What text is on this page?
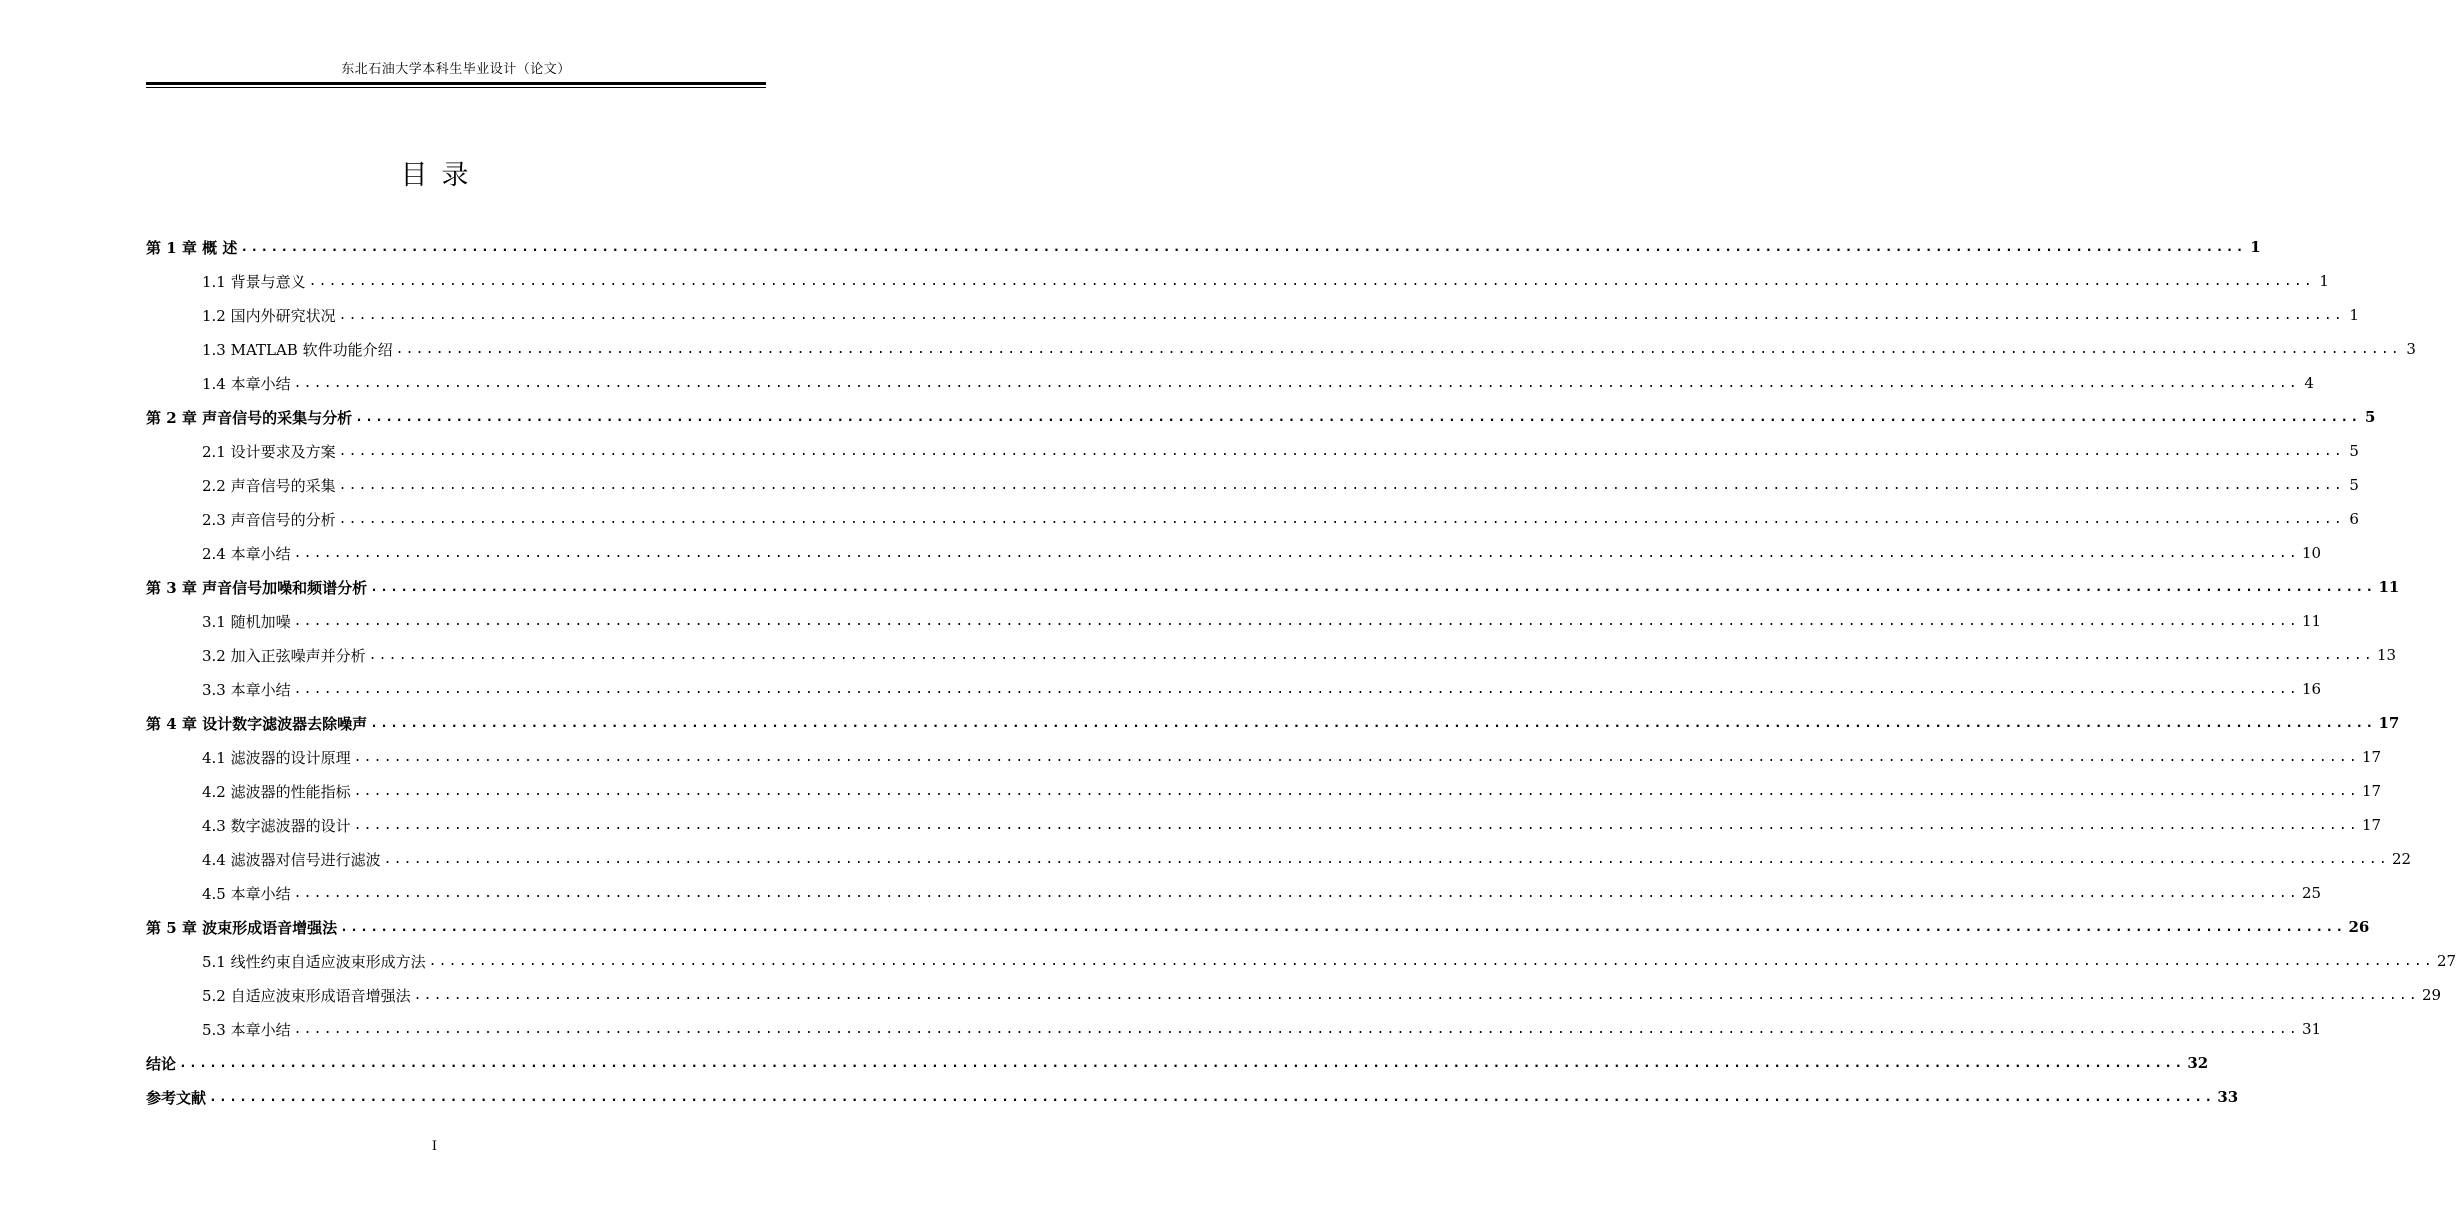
东北石油大学本科生毕业设计（论文）
目录
第 1 章 概 述 ........................................................................................................................................................................................................ 1
1.1 背景与意义 ........................................................................................................................................................................................................ 1
1.2 国内外研究状况 ........................................................................................................................................................................................................ 1
1.3 MATLAB 软件功能介绍 ........................................................................................................................................................................................................ 3
1.4 本章小结 ........................................................................................................................................................................................................ 4
第 2 章 声音信号的采集与分析 ........................................................................................................................................................................................................ 5
2.1 设计要求及方案 ........................................................................................................................................................................................................ 5
2.2 声音信号的采集 ........................................................................................................................................................................................................ 5
2.3 声音信号的分析 ........................................................................................................................................................................................................ 6
2.4 本章小结 ........................................................................................................................................................................................................ 10
第 3 章 声音信号加噪和频谱分析 ........................................................................................................................................................................................................ 11
3.1 随机加噪 ........................................................................................................................................................................................................ 11
3.2 加入正弦噪声并分析 ........................................................................................................................................................................................................ 13
3.3 本章小结 ........................................................................................................................................................................................................ 16
第 4 章 设计数字滤波器去除噪声 ........................................................................................................................................................................................................ 17
4.1 滤波器的设计原理 ........................................................................................................................................................................................................ 17
4.2 滤波器的性能指标 ........................................................................................................................................................................................................ 17
4.3 数字滤波器的设计 ........................................................................................................................................................................................................ 17
4.4 滤波器对信号进行滤波 ........................................................................................................................................................................................................ 22
4.5 本章小结 ........................................................................................................................................................................................................ 25
第 5 章 波束形成语音增强法 ........................................................................................................................................................................................................ 26
5.1 线性约束自适应波束形成方法 ........................................................................................................................................................................................................ 27
5.2 自适应波束形成语音增强法 ........................................................................................................................................................................................................ 29
5.3 本章小结 ........................................................................................................................................................................................................ 31
结论 ........................................................................................................................................................................................................ 32
参考文献 ........................................................................................................................................................................................................ 33
I
